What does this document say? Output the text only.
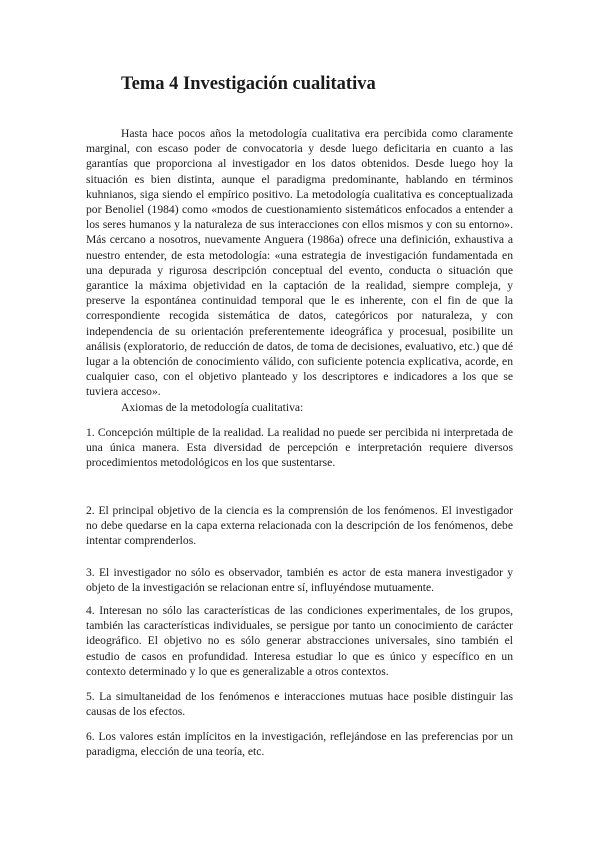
Tema 4 Investigación cualitativa

Hasta hace pocos años la metodología cualitativa era percibida como claramente marginal, con escaso poder de convocatoria y desde luego deficitaria en cuanto a las garantías que proporciona al investigador en los datos obtenidos. Desde luego hoy la situación es bien distinta, aunque el paradigma predominante, hablando en términos kuhnianos, siga siendo el empírico positivo. La metodología cualitativa es conceptualizada por Benoliel (1984) como «modos de cuestionamiento sistemáticos enfocados a entender a los seres humanos y la naturaleza de sus interacciones con ellos mismos y con su entorno». Más cercano a nosotros, nuevamente Anguera (1986a) ofrece una definición, exhaustiva a nuestro entender, de esta metodología: «una estrategia de investigación fundamentada en una depurada y rigurosa descripción conceptual del evento, conducta o situación que garantice la máxima objetividad en la captación de la realidad, siempre compleja, y preserve la espontánea continuidad temporal que le es inherente, con el fin de que la correspondiente recogida sistemática de datos, categóricos por naturaleza, y con independencia de su orientación preferentemente ideográfica y procesual, posibilite un análisis (exploratorio, de reducción de datos, de toma de decisiones, evaluativo, etc.) que dé lugar a la obtención de conocimiento válido, con suficiente potencia explicativa, acorde, en cualquier caso, con el objetivo planteado y los descriptores e indicadores a los que se tuviera acceso».

Axiomas de la metodología cualitativa:

1. Concepción múltiple de la realidad. La realidad no puede ser percibida ni interpretada de una única manera. Esta diversidad de percepción e interpretación requiere diversos procedimientos metodológicos en los que sustentarse.

2. El principal objetivo de la ciencia es la comprensión de los fenómenos. El investigador no debe quedarse en la capa externa relacionada con la descripción de los fenómenos, debe intentar comprenderlos.

3. El investigador no sólo es observador, también es actor de esta manera investigador y objeto de la investigación se relacionan entre sí, influyéndose mutuamente.

4. Interesan no sólo las características de las condiciones experimentales, de los grupos, también las características individuales, se persigue por tanto un conocimiento de carácter ideográfico. El objetivo no es sólo generar abstracciones universales, sino también el estudio de casos en profundidad. Interesa estudiar lo que es único y específico en un contexto determinado y lo que es generalizable a otros contextos.

5. La simultaneidad de los fenómenos e interacciones mutuas hace posible distinguir las causas de los efectos.

6. Los valores están implícitos en la investigación, reflejándose en las preferencias por un paradigma, elección de una teoría, etc.
